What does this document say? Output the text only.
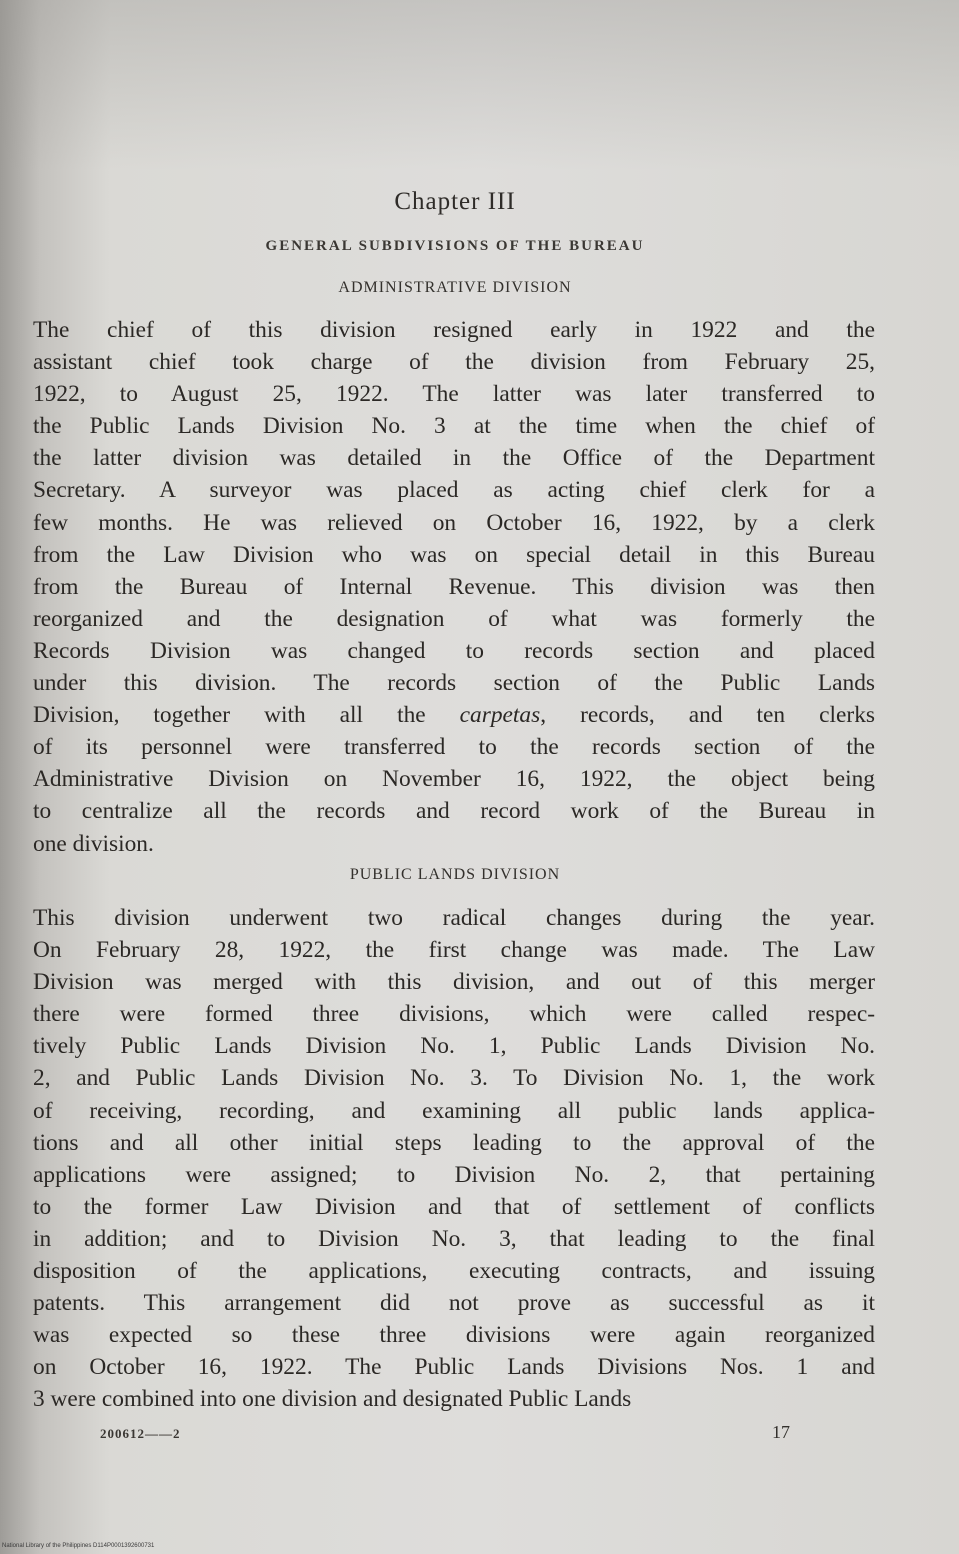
Chapter III
GENERAL SUBDIVISIONS OF THE BUREAU
ADMINISTRATIVE DIVISION
The chief of this division resigned early in 1922 and the
assistant chief took charge of the division from February 25,
1922, to August 25, 1922. The latter was later transferred to
the Public Lands Division No. 3 at the time when the chief of
the latter division was detailed in the Office of the Department
Secretary. A surveyor was placed as acting chief clerk for a
few months. He was relieved on October 16, 1922, by a clerk
from the Law Division who was on special detail in this Bureau
from the Bureau of Internal Revenue. This division was then
reorganized and the designation of what was formerly the
Records Division was changed to records section and placed
under this division. The records section of the Public Lands
Division, together with all the carpetas, records, and ten clerks
of its personnel were transferred to the records section of the
Administrative Division on November 16, 1922, the object being
to centralize all the records and record work of the Bureau in
one division.
PUBLIC LANDS DIVISION
This division underwent two radical changes during the year.
On February 28, 1922, the first change was made. The Law
Division was merged with this division, and out of this merger
there were formed three divisions, which were called respec-
tively Public Lands Division No. 1, Public Lands Division No.
2, and Public Lands Division No. 3. To Division No. 1, the work
of receiving, recording, and examining all public lands applica-
tions and all other initial steps leading to the approval of the
applications were assigned; to Division No. 2, that pertaining
to the former Law Division and that of settlement of conflicts
in addition; and to Division No. 3, that leading to the final
disposition of the applications, executing contracts, and issuing
patents. This arrangement did not prove as successful as it
was expected so these three divisions were again reorganized
on October 16, 1922. The Public Lands Divisions Nos. 1 and
3 were combined into one division and designated Public Lands
200612——2	17
National Library of the Philippines D114P0001392600731
